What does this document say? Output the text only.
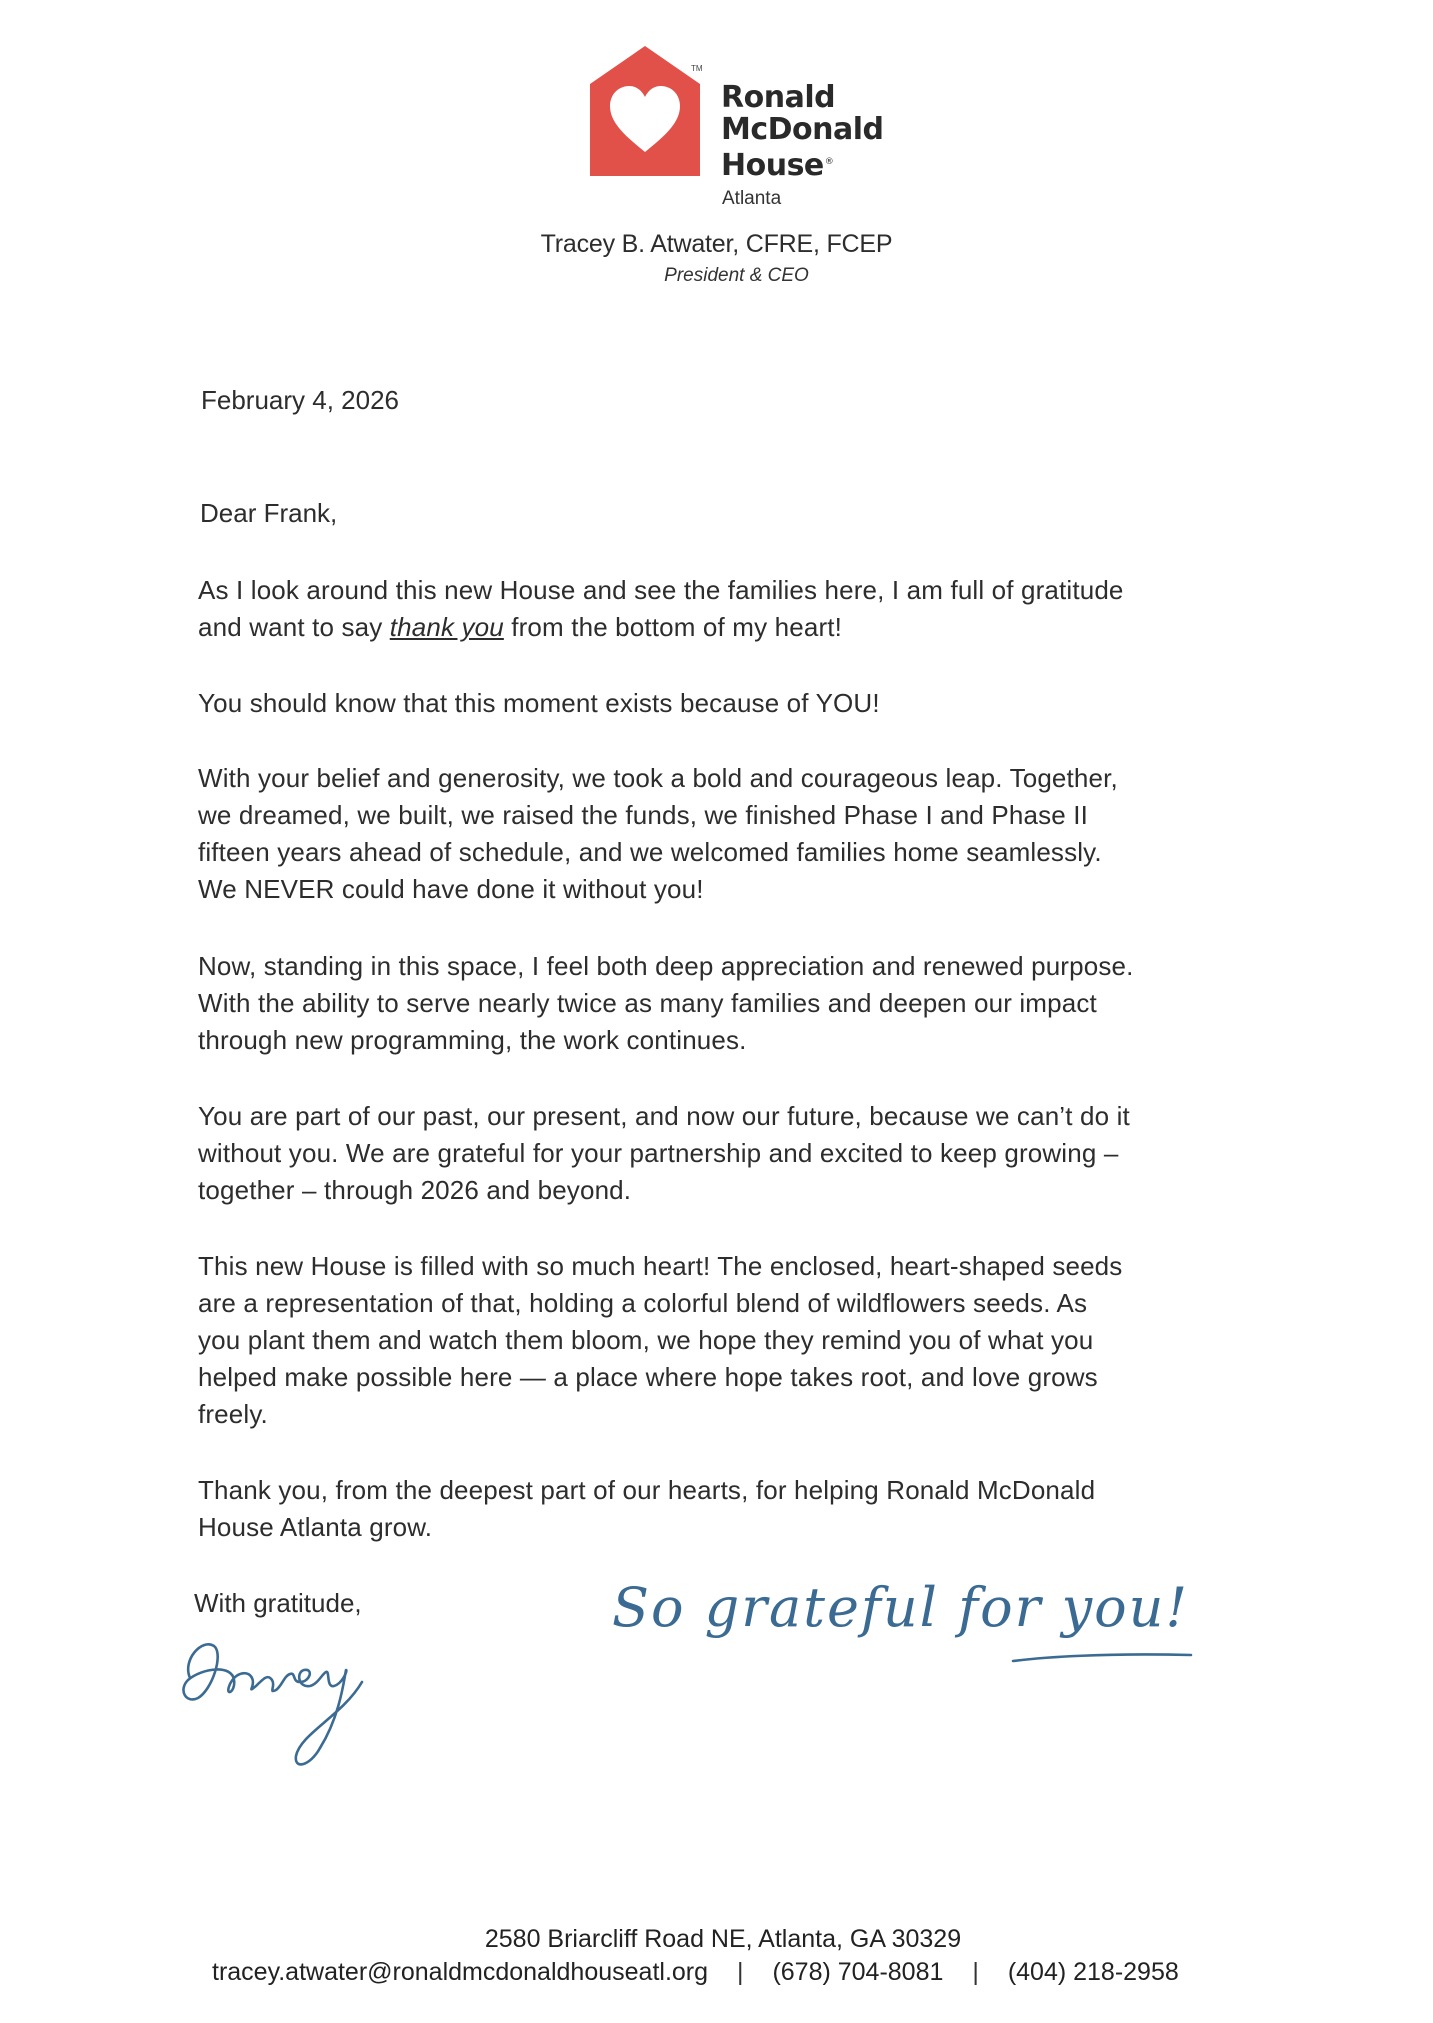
TM
Ronald
McDonald
House®
Atlanta
Tracey B. Atwater, CFRE, FCEP
President & CEO
February 4, 2026
Dear Frank,
As I look around this new House and see the families here, I am full of gratitude
and want to say thank you from the bottom of my heart!
You should know that this moment exists because of YOU!
With your belief and generosity, we took a bold and courageous leap. Together,
we dreamed, we built, we raised the funds, we finished Phase I and Phase II
fifteen years ahead of schedule, and we welcomed families home seamlessly.
We NEVER could have done it without you!
Now, standing in this space, I feel both deep appreciation and renewed purpose.
With the ability to serve nearly twice as many families and deepen our impact
through new programming, the work continues.
You are part of our past, our present, and now our future, because we can’t do it
without you. We are grateful for your partnership and excited to keep growing –
together – through 2026 and beyond.
This new House is filled with so much heart! The enclosed, heart-shaped seeds
are a representation of that, holding a colorful blend of wildflowers seeds. As
you plant them and watch them bloom, we hope they remind you of what you
helped make possible here — a place where hope takes root, and love grows
freely.
Thank you, from the deepest part of our hearts, for helping Ronald McDonald
House Atlanta grow.
With gratitude,	So grateful for you!
2580 Briarcliff Road NE, Atlanta, GA 30329
tracey.atwater@ronaldmcdonaldhouseatl.org | (678) 704-8081 | (404) 218-2958
